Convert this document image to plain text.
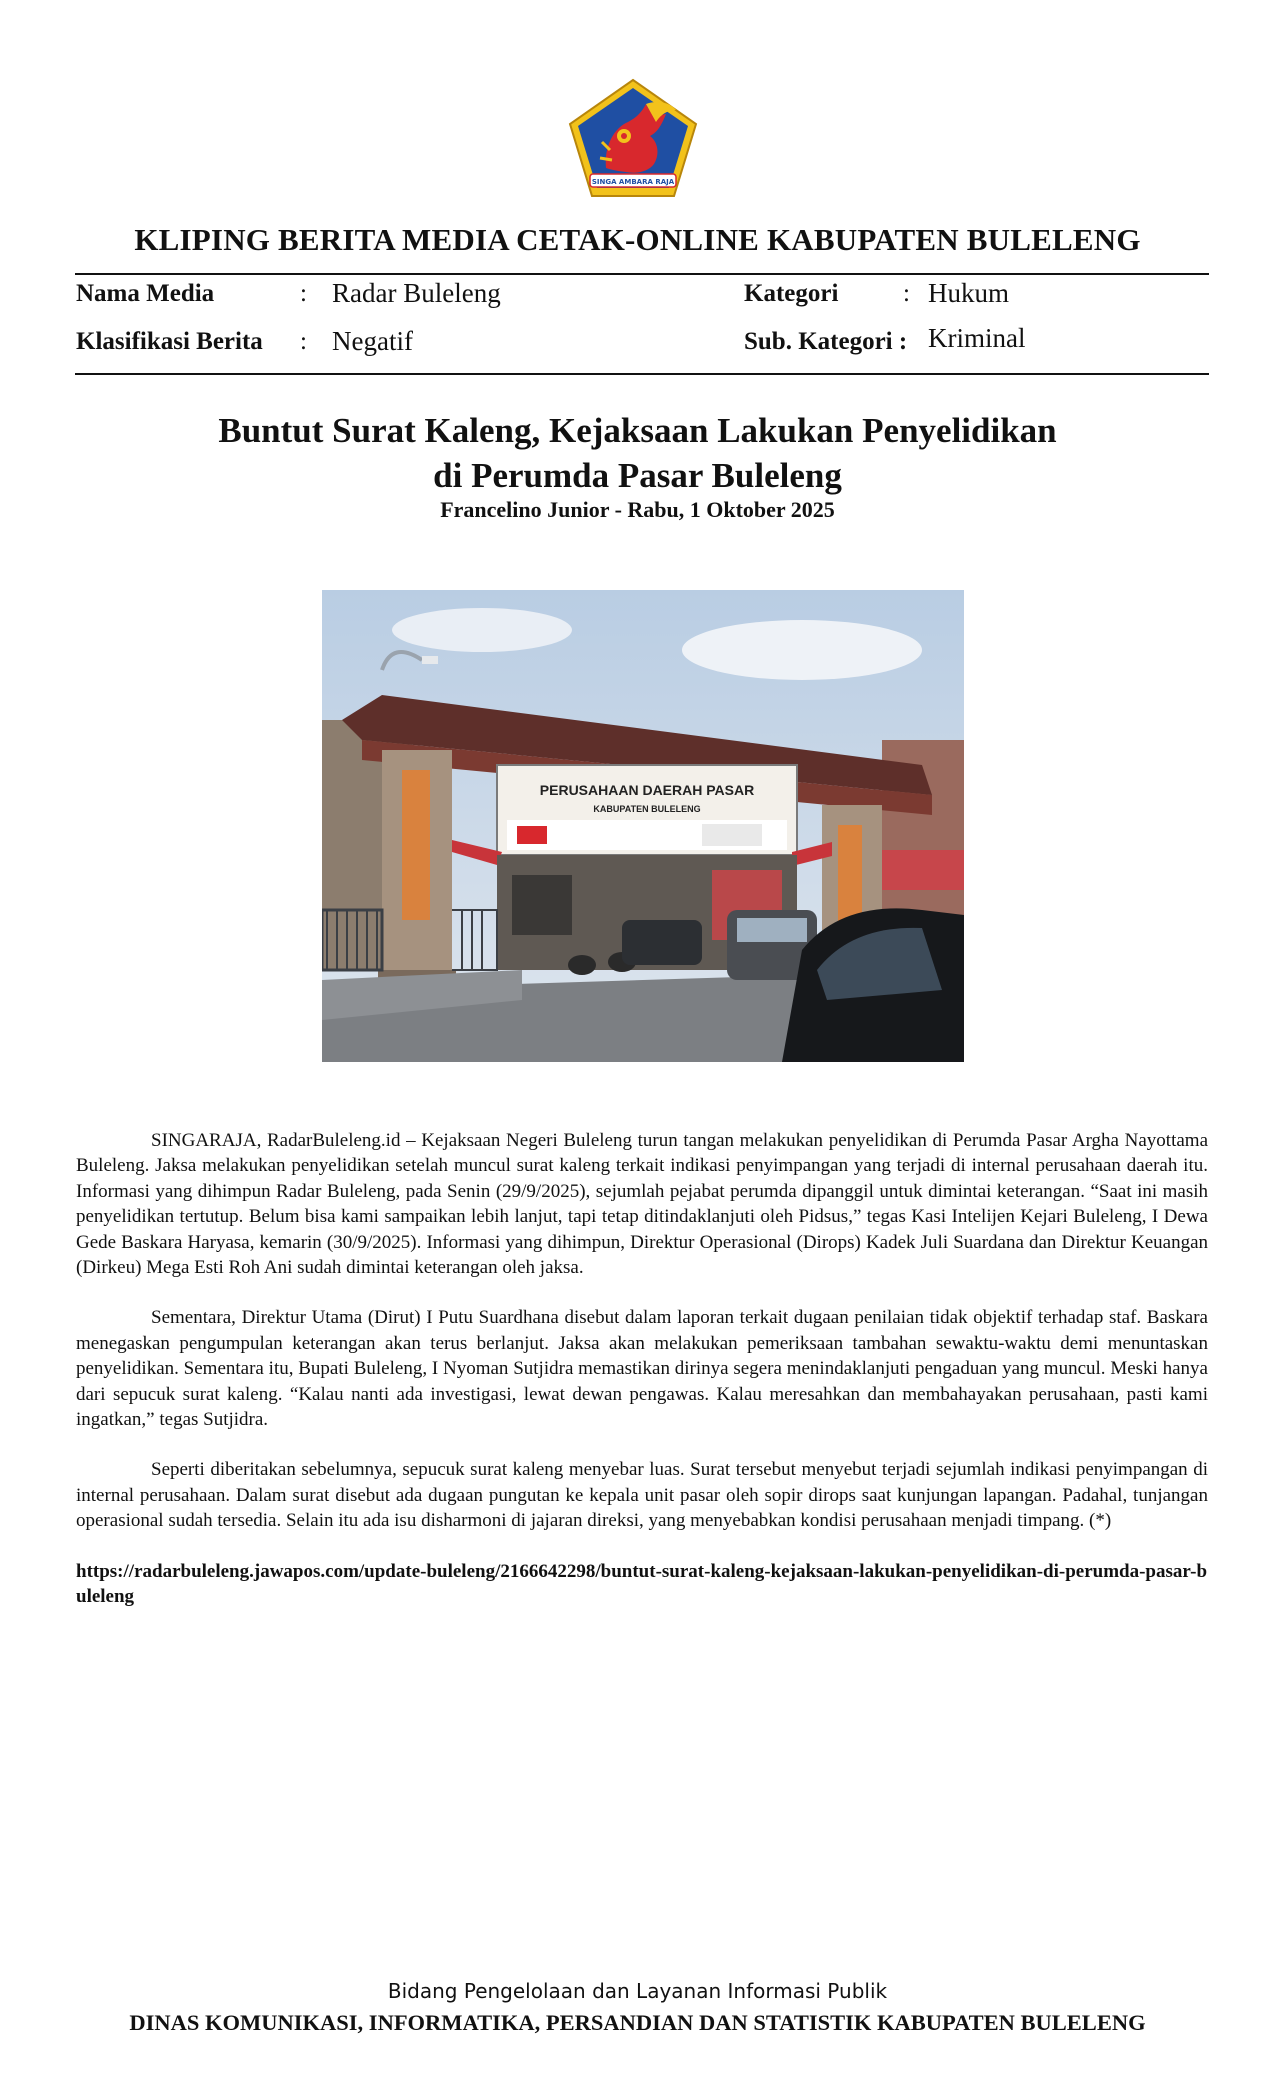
SINGA AMBARA RAJA
KLIPING BERITA MEDIA CETAK-ONLINE KABUPATEN BULELENG
Nama Media	: Radar Buleleng	Kategori	: Hukum
Klasifikasi Berita : Negatif	Sub. Kategori : Kriminal
Buntut Surat Kaleng, Kejaksaan Lakukan Penyelidikan
di Perumda Pasar Buleleng
Francelino Junior - Rabu, 1 Oktober 2025
PERUSAHAAN DAERAH PASAR
KABUPATEN BULELENG

SINGARAJA, RadarBuleleng.id – Kejaksaan Negeri Buleleng turun tangan melakukan penyelidikan di Perumda Pasar Argha Nayottama Buleleng. Jaksa melakukan penyelidikan setelah muncul surat kaleng terkait indikasi penyimpangan yang terjadi di internal perusahaan daerah itu. Informasi yang dihimpun Radar Buleleng, pada Senin (29/9/2025), sejumlah pejabat perumda dipanggil untuk dimintai keterangan. “Saat ini masih penyelidikan tertutup. Belum bisa kami sampaikan lebih lanjut, tapi tetap ditindaklanjuti oleh Pidsus,” tegas Kasi Intelijen Kejari Buleleng, I Dewa Gede Baskara Haryasa, kemarin (30/9/2025). Informasi yang dihimpun, Direktur Operasional (Dirops) Kadek Juli Suardana dan Direktur Keuangan (Dirkeu) Mega Esti Roh Ani sudah dimintai keterangan oleh jaksa.

Sementara, Direktur Utama (Dirut) I Putu Suardhana disebut dalam laporan terkait dugaan penilaian tidak objektif terhadap staf. Baskara menegaskan pengumpulan keterangan akan terus berlanjut. Jaksa akan melakukan pemeriksaan tambahan sewaktu-waktu demi menuntaskan penyelidikan. Sementara itu, Bupati Buleleng, I Nyoman Sutjidra memastikan dirinya segera menindaklanjuti pengaduan yang muncul. Meski hanya dari sepucuk surat kaleng. “Kalau nanti ada investigasi, lewat dewan pengawas. Kalau meresahkan dan membahayakan perusahaan, pasti kami ingatkan,” tegas Sutjidra.

Seperti diberitakan sebelumnya, sepucuk surat kaleng menyebar luas. Surat tersebut menyebut terjadi sejumlah indikasi penyimpangan di internal perusahaan. Dalam surat disebut ada dugaan pungutan ke kepala unit pasar oleh sopir dirops saat kunjungan lapangan. Padahal, tunjangan operasional sudah tersedia. Selain itu ada isu disharmoni di jajaran direksi, yang menyebabkan kondisi perusahaan menjadi timpang. (*)

https://radarbuleleng.jawapos.com/update-buleleng/2166642298/buntut-surat-kaleng-kejaksaan-lakukan-penyelidikan-di-perumda-pasar-buleleng

Bidang Pengelolaan dan Layanan Informasi Publik
DINAS KOMUNIKASI, INFORMATIKA, PERSANDIAN DAN STATISTIK KABUPATEN BULELENG
